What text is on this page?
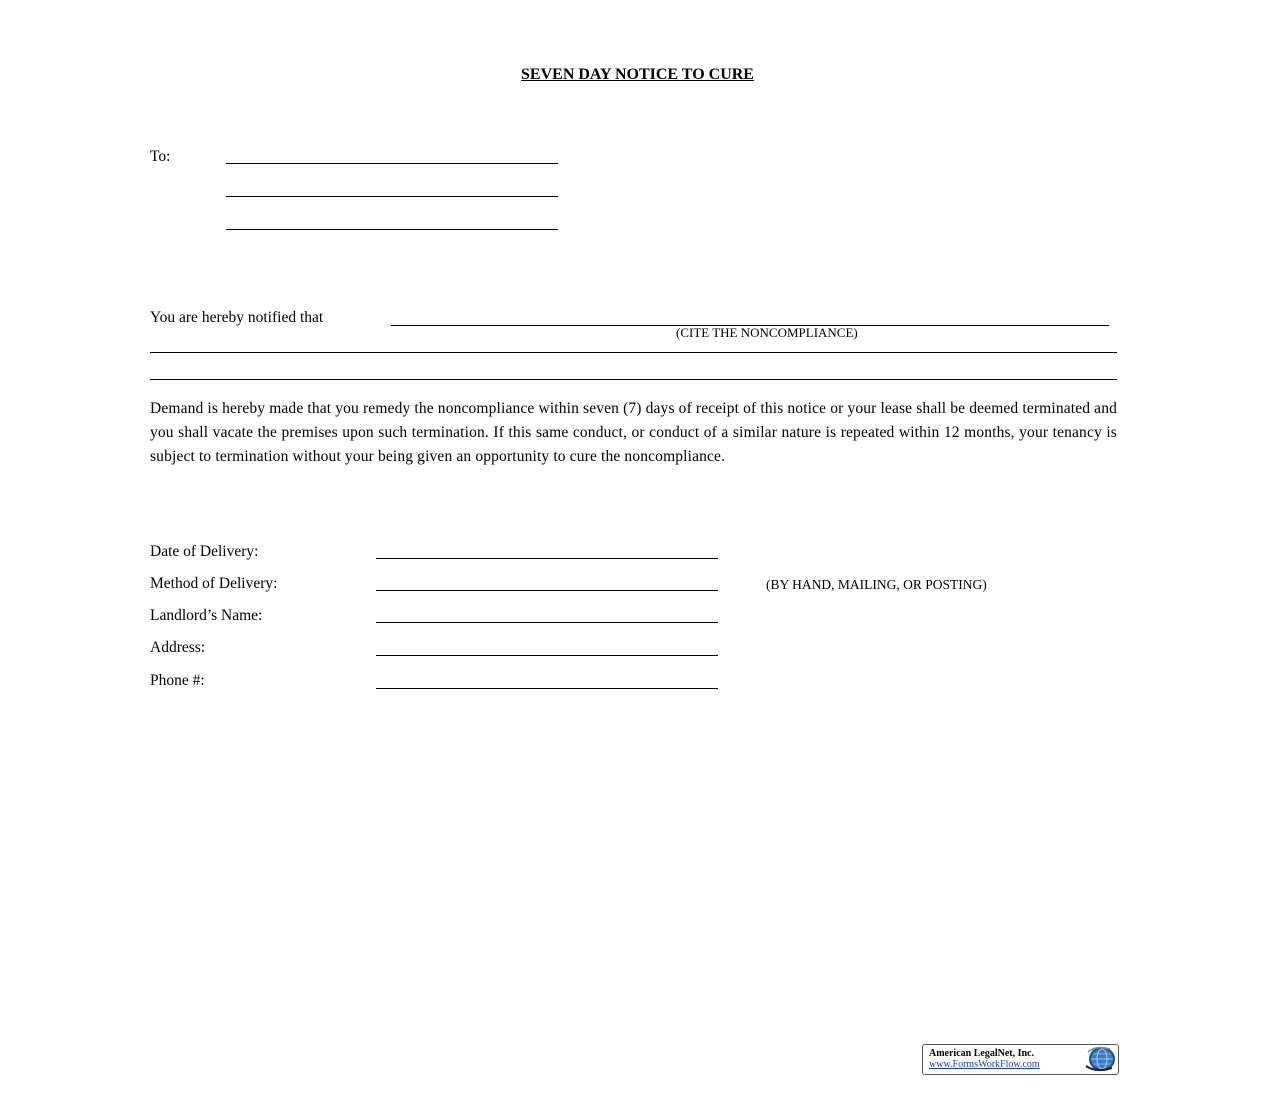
SEVEN DAY NOTICE TO CURE
To:
You are hereby notified that
(CITE THE NONCOMPLIANCE)
Demand is hereby made that you remedy the noncompliance within seven (7) days of receipt of this notice or your lease shall be deemed terminated and you shall vacate the premises upon such termination. If this same conduct, or conduct of a similar nature is repeated within 12 months, your tenancy is subject to termination without your being given an opportunity to cure the noncompliance.
Date of Delivery:
Method of Delivery:	(BY HAND, MAILING, OR POSTING)
Landlord’s Name:
Address:
Phone #:
American LegalNet, Inc.
www.FormsWorkFlow.com
